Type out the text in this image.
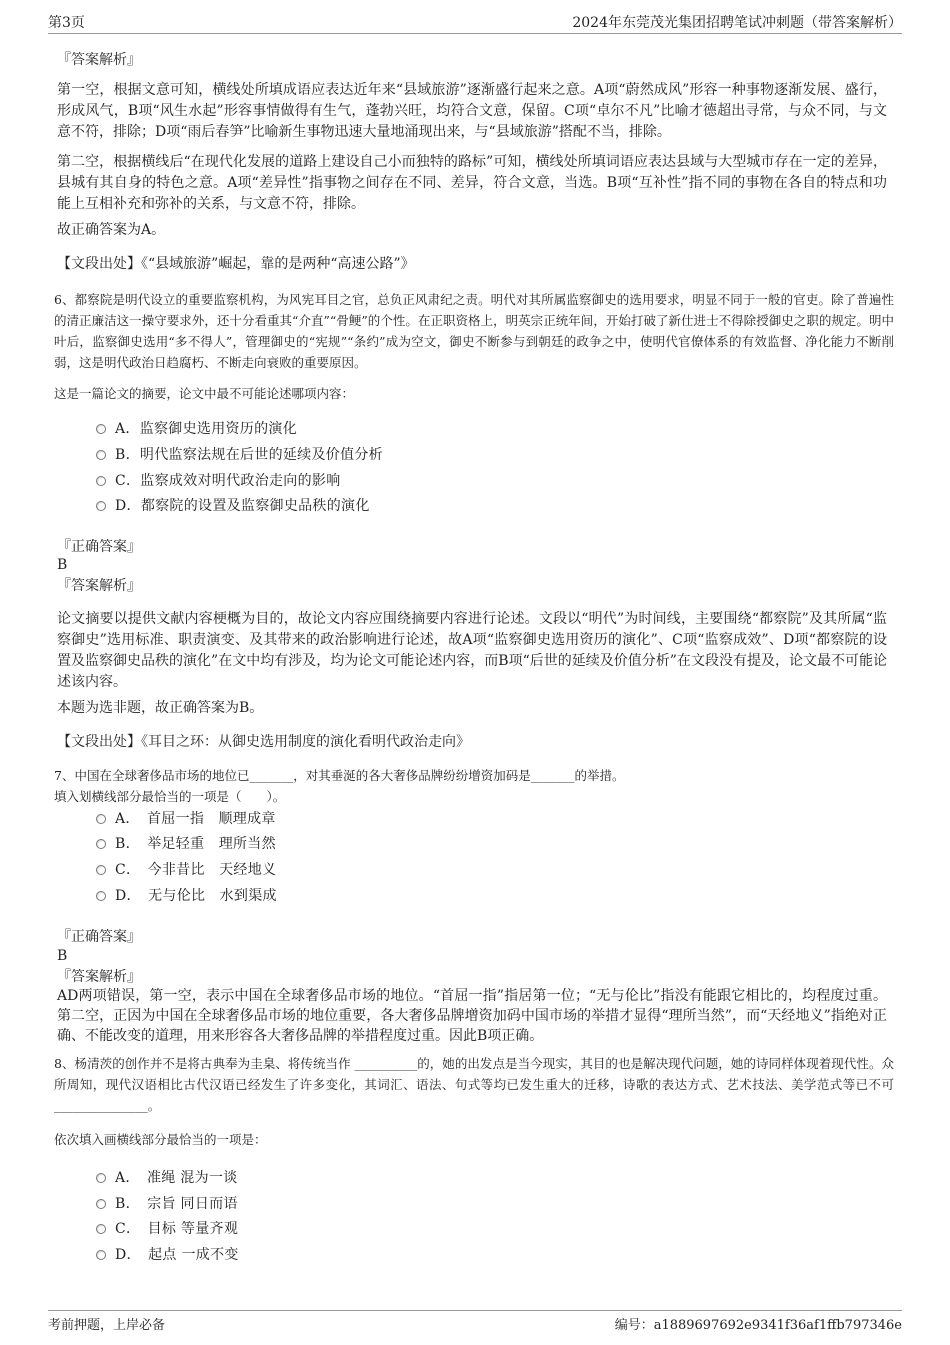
第3页	2024年东莞茂光集团招聘笔试冲刺题（带答案解析）
『答案解析』
第一空，根据文意可知，横线处所填成语应表达近年来“县域旅游”逐渐盛行起来之意。A项“蔚然成风”形容一种事物逐渐发展、盛行，形成风气，B项“风生水起”形容事情做得有生气，蓬勃兴旺，均符合文意，保留。C项“卓尔不凡”比喻才德超出寻常，与众不同，与文意不符，排除；D项“雨后春笋”比喻新生事物迅速大量地涌现出来，与“县域旅游”搭配不当，排除。
第二空，根据横线后“在现代化发展的道路上建设自己小而独特的路标”可知，横线处所填词语应表达县域与大型城市存在一定的差异，县城有其自身的特色之意。A项“差异性”指事物之间存在不同、差异，符合文意，当选。B项“互补性”指不同的事物在各自的特点和功能上互相补充和弥补的关系，与文意不符，排除。
故正确答案为A。
【文段出处】《“县域旅游”崛起，靠的是两种“高速公路”》
6、都察院是明代设立的重要监察机构，为风宪耳目之官，总负正风肃纪之责。明代对其所属监察御史的选用要求，明显不同于一般的官吏。除了普遍性的清正廉洁这一操守要求外，还十分看重其“介直”“骨鲠”的个性。在正职资格上，明英宗正统年间，开始打破了新仕进士不得除授御史之职的规定。明中叶后，监察御史选用“多不得人”，管理御史的“宪规”“条约”成为空文，御史不断参与到朝廷的政争之中，使明代官僚体系的有效监督、净化能力不断削弱，这是明代政治日趋腐朽、不断走向衰败的重要原因。
这是一篇论文的摘要，论文中最不可能论述哪项内容：
A．监察御史选用资历的演化
B．明代监察法规在后世的延续及价值分析
C．监察成效对明代政治走向的影响
D．都察院的设置及监察御史品秩的演化
『正确答案』
B
『答案解析』
论文摘要以提供文献内容梗概为目的，故论文内容应围绕摘要内容进行论述。文段以“明代”为时间线，主要围绕“都察院”及其所属“监察御史”选用标准、职责演变、及其带来的政治影响进行论述，故A项“监察御史选用资历的演化”、C项“监察成效”、D项“都察院的设置及监察御史品秩的演化”在文中均有涉及，均为论文可能论述内容，而B项“后世的延续及价值分析”在文段没有提及，论文最不可能论述该内容。
本题为选非题，故正确答案为B。
【文段出处】《耳目之环：从御史选用制度的演化看明代政治走向》
7、中国在全球奢侈品市场的地位已_______，对其垂涎的各大奢侈品牌纷纷增资加码是_______的举措。
填入划横线部分最恰当的一项是（　　）。
A．　首屈一指　顺理成章
B．　举足轻重　理所当然
C．　今非昔比　天经地义
D．　无与伦比　水到渠成
『正确答案』
B
『答案解析』
AD两项错误，第一空，表示中国在全球奢侈品市场的地位。“首屈一指”指居第一位；“无与伦比”指没有能跟它相比的，均程度过重。第二空，正因为中国在全球奢侈品市场的地位重要，各大奢侈品牌增资加码中国市场的举措才显得“理所当然”，而“天经地义”指绝对正确、不能改变的道理，用来形容各大奢侈品牌的举措程度过重。因此B项正确。
8、杨清茨的创作并不是将古典奉为圭臬、将传统当作 __________的，她的出发点是当今现实，其目的也是解决现代问题，她的诗同样体现着现代性。众所周知，现代汉语相比古代汉语已经发生了许多变化，其词汇、语法、句式等均已发生重大的迁移，诗歌的表达方式、艺术技法、美学范式等已不可 _______________。
依次填入画横线部分最恰当的一项是：
A．　准绳 混为一谈
B．　宗旨 同日而语
C．　目标 等量齐观
D．　起点 一成不变
考前押题，上岸必备	编号：a1889697692e9341f36af1ffb797346e
